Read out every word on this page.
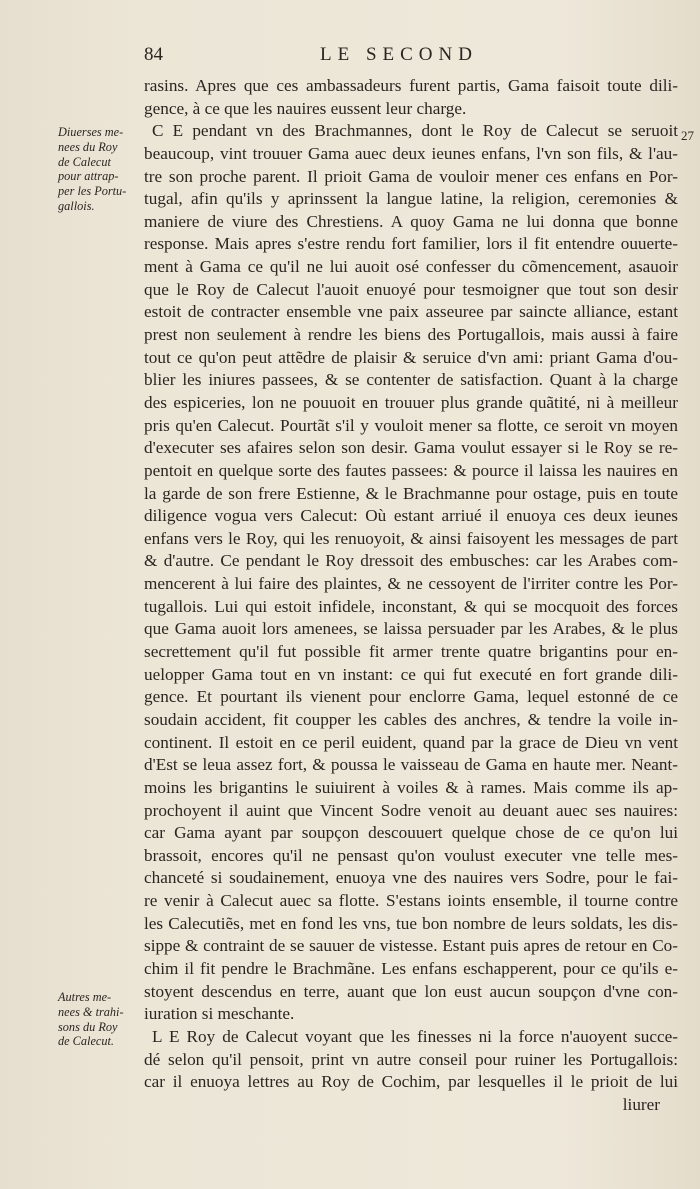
84	LE SECOND
27
Diuerses me-
nees du Roy
de Calecut
pour attrap-
per les Portu-
gallois.
Autres me-
nees & trahi-
sons du Roy
de Calecut.
rasins. Apres que ces ambassadeurs furent partis, Gama faisoit toute dili-
gence, à ce que les nauires eussent leur charge.
C E pendant vn des Brachmannes, dont le Roy de Calecut se seruoit
beaucoup, vint trouuer Gama auec deux ieunes enfans, l'vn son fils, & l'au-
tre son proche parent. Il prioit Gama de vouloir mener ces enfans en Por-
tugal, afin qu'ils y aprinssent la langue latine, la religion, ceremonies &
maniere de viure des Chrestiens. A quoy Gama ne lui donna que bonne
response. Mais apres s'estre rendu fort familier, lors il fit entendre ouuerte-
ment à Gama ce qu'il ne lui auoit osé confesser du cõmencement, asauoir
que le Roy de Calecut l'auoit enuoyé pour tesmoigner que tout son desir
estoit de contracter ensemble vne paix asseuree par saincte alliance, estant
prest non seulement à rendre les biens des Portugallois, mais aussi à faire
tout ce qu'on peut attẽdre de plaisir & seruice d'vn ami: priant Gama d'ou-
blier les iniures passees, & se contenter de satisfaction. Quant à la charge
des espiceries, lon ne pouuoit en trouuer plus grande quãtité, ni à meilleur
pris qu'en Calecut. Pourtãt s'il y vouloit mener sa flotte, ce seroit vn moyen
d'executer ses afaires selon son desir. Gama voulut essayer si le Roy se re-
pentoit en quelque sorte des fautes passees: & pource il laissa les nauires en
la garde de son frere Estienne, & le Brachmanne pour ostage, puis en toute
diligence vogua vers Calecut: Où estant arriué il enuoya ces deux ieunes
enfans vers le Roy, qui les renuoyoit, & ainsi faisoyent les messages de part
& d'autre. Ce pendant le Roy dressoit des embusches: car les Arabes com-
mencerent à lui faire des plaintes, & ne cessoyent de l'irriter contre les Por-
tugallois. Lui qui estoit infidele, inconstant, & qui se mocquoit des forces
que Gama auoit lors amenees, se laissa persuader par les Arabes, & le plus
secrettement qu'il fut possible fit armer trente quatre brigantins pour en-
uelopper Gama tout en vn instant: ce qui fut executé en fort grande dili-
gence. Et pourtant ils vienent pour enclorre Gama, lequel estonné de ce
soudain accident, fit coupper les cables des anchres, & tendre la voile in-
continent. Il estoit en ce peril euident, quand par la grace de Dieu vn vent
d'Est se leua assez fort, & poussa le vaisseau de Gama en haute mer. Neant-
moins les brigantins le suiuirent à voiles & à rames. Mais comme ils ap-
prochoyent il auint que Vincent Sodre venoit au deuant auec ses nauires:
car Gama ayant par soupçon descouuert quelque chose de ce qu'on lui
brassoit, encores qu'il ne pensast qu'on voulust executer vne telle mes-
chanceté si soudainement, enuoya vne des nauires vers Sodre, pour le fai-
re venir à Calecut auec sa flotte. S'estans ioints ensemble, il tourne contre
les Calecutiẽs, met en fond les vns, tue bon nombre de leurs soldats, les dis-
sippe & contraint de se sauuer de vistesse. Estant puis apres de retour en Co-
chim il fit pendre le Brachmãne. Les enfans eschapperent, pour ce qu'ils e-
stoyent descendus en terre, auant que lon eust aucun soupçon d'vne con-
iuration si meschante.
L E Roy de Calecut voyant que les finesses ni la force n'auoyent succe-
dé selon qu'il pensoit, print vn autre conseil pour ruiner les Portugallois:
car il enuoya lettres au Roy de Cochim, par lesquelles il le prioit de lui
liurer
